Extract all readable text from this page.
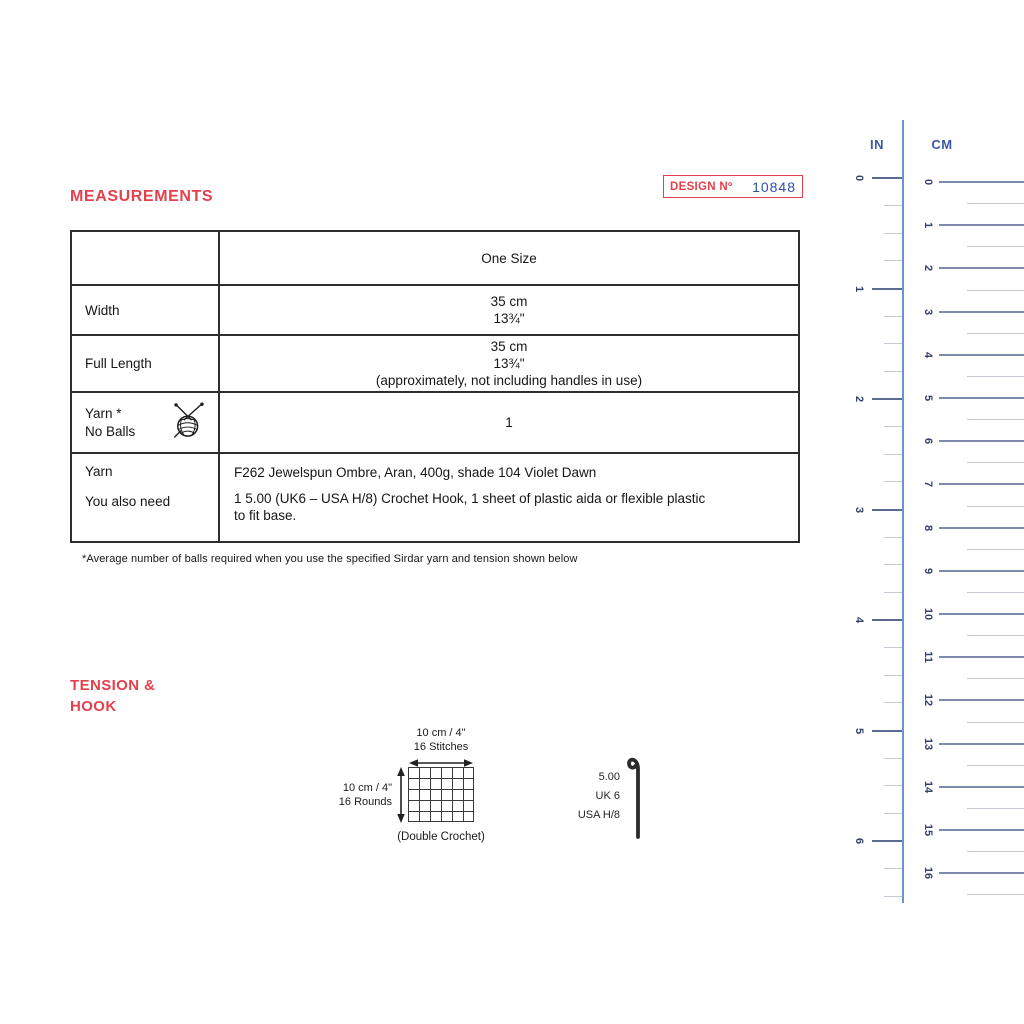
MEASUREMENTS
DESIGN Nº 10848
One Size
Width
35 cm
13¾"
Full Length
35 cm
13¾"
(approximately, not including handles in use)
Yarn *
No Balls
1
Yarn
You also need
F262 Jewelspun Ombre, Aran, 400g, shade 104 Violet Dawn
1 5.00 (UK6 – USA H/8) Crochet Hook, 1 sheet of plastic aida or flexible plastic to fit base.
*Average number of balls required when you use the specified Sirdar yarn and tension shown below
TENSION &
HOOK
10 cm / 4"
16 Stitches
10 cm / 4"
16 Rounds
(Double Crochet)
5.00
UK 6
USA H/8
IN	CM
0
1
2
3
4
5
6
0
1
2
3
4
5
6
7
8
9
10
11
12
13
14
15
16
